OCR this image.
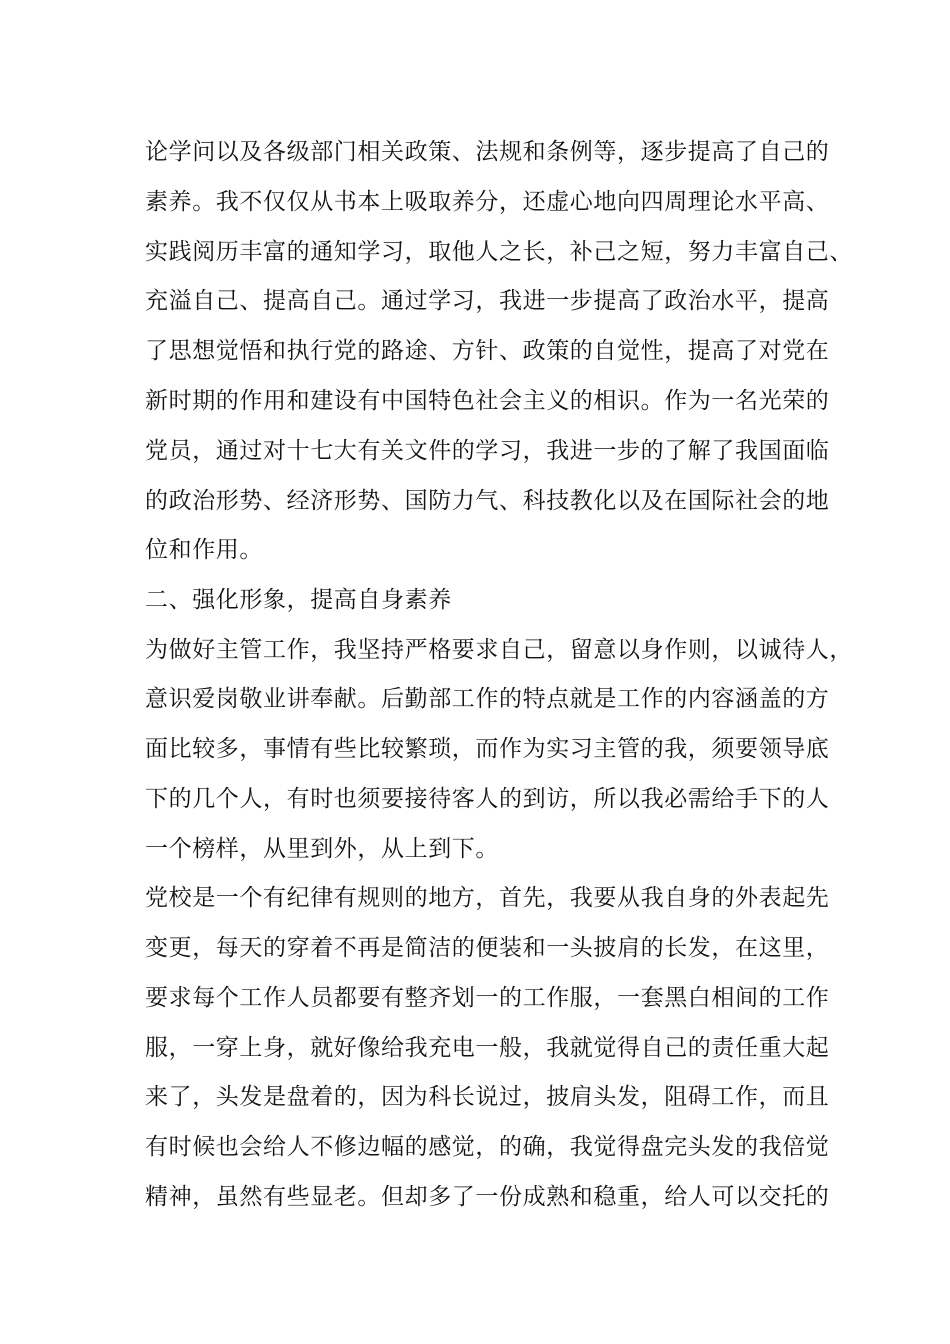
论学问以及各级部门相关政策、法规和条例等，逐步提高了自己的
素养。我不仅仅从书本上吸取养分，还虚心地向四周理论水平高、
实践阅历丰富的通知学习，取他人之长，补己之短，努力丰富自己、
充溢自己、提高自己。通过学习，我进一步提高了政治水平，提高
了思想觉悟和执行党的路途、方针、政策的自觉性，提高了对党在
新时期的作用和建设有中国特色社会主义的相识。作为一名光荣的
党员，通过对十七大有关文件的学习，我进一步的了解了我国面临
的政治形势、经济形势、国防力气、科技教化以及在国际社会的地
位和作用。
二、强化形象，提高自身素养
为做好主管工作，我坚持严格要求自己，留意以身作则，以诚待人，
意识爱岗敬业讲奉献。后勤部工作的特点就是工作的内容涵盖的方
面比较多，事情有些比较繁琐，而作为实习主管的我，须要领导底
下的几个人，有时也须要接待客人的到访，所以我必需给手下的人
一个榜样，从里到外，从上到下。
党校是一个有纪律有规则的地方，首先，我要从我自身的外表起先
变更，每天的穿着不再是简洁的便装和一头披肩的长发，在这里，
要求每个工作人员都要有整齐划一的工作服，一套黑白相间的工作
服，一穿上身，就好像给我充电一般，我就觉得自己的责任重大起
来了，头发是盘着的，因为科长说过，披肩头发，阻碍工作，而且
有时候也会给人不修边幅的感觉，的确，我觉得盘完头发的我倍觉
精神，虽然有些显老。但却多了一份成熟和稳重，给人可以交托的
